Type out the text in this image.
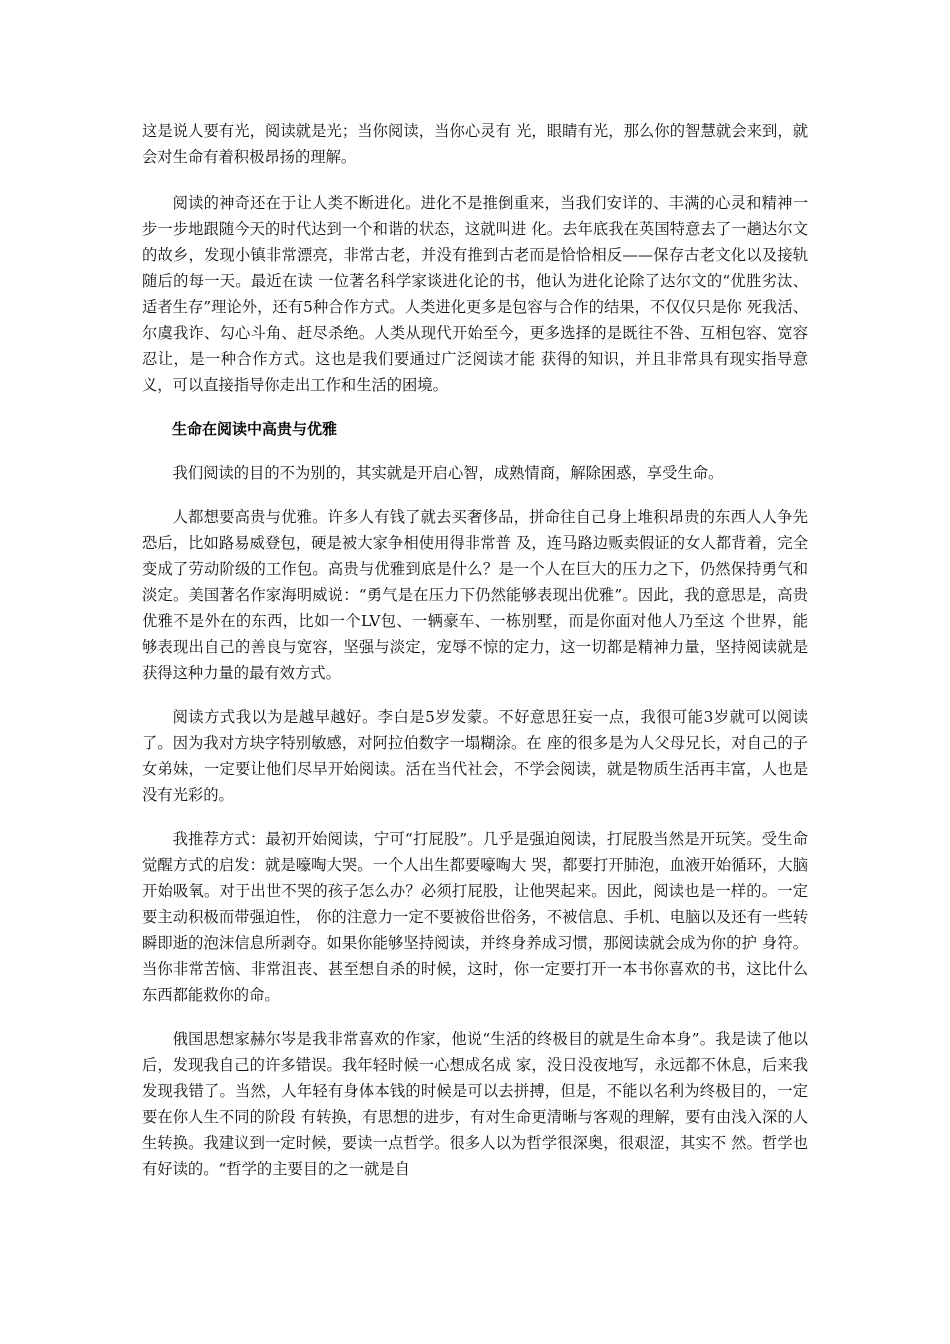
这是说人要有光，阅读就是光；当你阅读，当你心灵有 光，眼睛有光，那么你的智慧就会来到，就会对生命有着积极昂扬的理解。

阅读的神奇还在于让人类不断进化。进化不是推倒重来，当我们安详的、丰满的心灵和精神一步一步地跟随今天的时代达到一个和谐的状态，这就叫进 化。去年底我在英国特意去了一趟达尔文的故乡，发现小镇非常漂亮，非常古老，并没有推到古老而是恰恰相反——保存古老文化以及接轨随后的每一天。最近在读 一位著名科学家谈进化论的书，他认为进化论除了达尔文的“优胜劣汰、适者生存”理论外，还有5种合作方式。人类进化更多是包容与合作的结果，不仅仅只是你 死我活、尔虞我诈、勾心斗角、赶尽杀绝。人类从现代开始至今，更多选择的是既往不咎、互相包容、宽容忍让，是一种合作方式。这也是我们要通过广泛阅读才能 获得的知识，并且非常具有现实指导意义，可以直接指导你走出工作和生活的困境。

生命在阅读中高贵与优雅

我们阅读的目的不为别的，其实就是开启心智，成熟情商，解除困惑，享受生命。

人都想要高贵与优雅。许多人有钱了就去买奢侈品，拼命往自己身上堆积昂贵的东西人人争先恐后，比如路易威登包，硬是被大家争相使用得非常普 及，连马路边贩卖假证的女人都背着，完全变成了劳动阶级的工作包。高贵与优雅到底是什么？是一个人在巨大的压力之下，仍然保持勇气和淡定。美国著名作家海明威说：“勇气是在压力下仍然能够表现出优雅”。因此，我的意思是，高贵优雅不是外在的东西，比如一个LV包、一辆豪车、一栋别墅，而是你面对他人乃至这 个世界，能够表现出自己的善良与宽容，坚强与淡定，宠辱不惊的定力，这一切都是精神力量，坚持阅读就是获得这种力量的最有效方式。

阅读方式我以为是越早越好。李白是5岁发蒙。不好意思狂妄一点，我很可能3岁就可以阅读了。因为我对方块字特别敏感，对阿拉伯数字一塌糊涂。在 座的很多是为人父母兄长，对自己的子女弟妹，一定要让他们尽早开始阅读。活在当代社会，不学会阅读，就是物质生活再丰富，人也是没有光彩的。

我推荐方式：最初开始阅读，宁可“打屁股”。几乎是强迫阅读，打屁股当然是开玩笑。受生命觉醒方式的启发：就是嚎啕大哭。一个人出生都要嚎啕大 哭，都要打开肺泡，血液开始循环，大脑开始吸氧。对于出世不哭的孩子怎么办？必须打屁股，让他哭起来。因此，阅读也是一样的。一定要主动积极而带强迫性， 你的注意力一定不要被俗世俗务，不被信息、手机、电脑以及还有一些转瞬即逝的泡沫信息所剥夺。如果你能够坚持阅读，并终身养成习惯，那阅读就会成为你的护 身符。当你非常苦恼、非常沮丧、甚至想自杀的时候，这时，你一定要打开一本书你喜欢的书，这比什么东西都能救你的命。

俄国思想家赫尔岑是我非常喜欢的作家，他说“生活的终极目的就是生命本身”。我是读了他以后，发现我自己的许多错误。我年轻时候一心想成名成 家，没日没夜地写，永远都不休息，后来我发现我错了。当然，人年轻有身体本钱的时候是可以去拼搏，但是，不能以名利为终极目的，一定要在你人生不同的阶段 有转换，有思想的进步，有对生命更清晰与客观的理解，要有由浅入深的人生转换。我建议到一定时候，要读一点哲学。很多人以为哲学很深奥，很艰涩，其实不 然。哲学也有好读的。“哲学的主要目的之一就是自
